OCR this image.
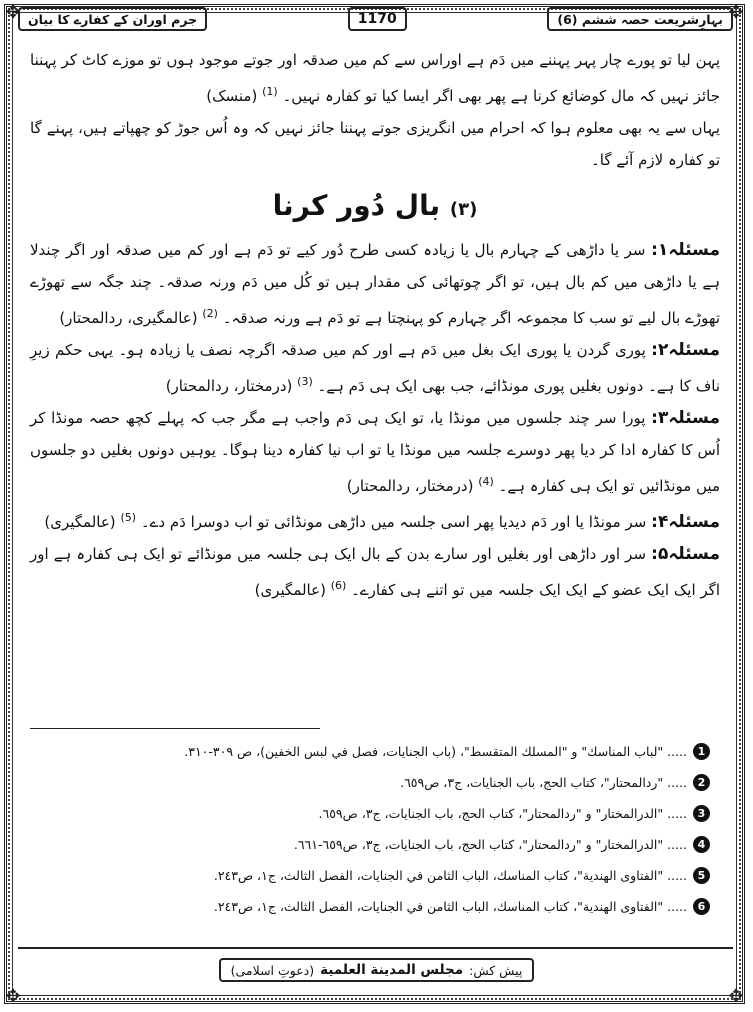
✥	✥
✥	✥
بہارِشریعت حصہ ششم (6)
1170
جرم اوران کے کفارے کا بیان

پہن لیا تو پورے چار پہر پہننے میں دَم ہے اوراس سے کم میں صدقہ اور جوتے موجود ہوں تو موزے کاٹ کر پہننا جائز نہیں کہ مال کوضائع کرنا ہے پھر بھی اگر ایسا کیا تو کفارہ نہیں۔ $^{(1)}$ (منسک)

یہاں سے یہ بھی معلوم ہوا کہ احرام میں انگریزی جوتے پہننا جائز نہیں کہ وہ اُس جوڑ کو چھپاتے ہیں، پہنے گا تو کفارہ لازم آئے گا۔

(۳) بال دُور کرنا

مسئلہ۱: سر یا داڑھی کے چہارم بال یا زیادہ کسی طرح دُور کیے تو دَم ہے اور کم میں صدقہ اور اگر چندلا ہے یا داڑھی میں کم بال ہیں، تو اگر چوتھائی کی مقدار ہیں تو کُل میں دَم ورنہ صدقہ۔ چند جگہ سے تھوڑے تھوڑے بال لیے تو سب کا مجموعہ اگر چہارم کو پہنچتا ہے تو دَم ہے ورنہ صدقہ۔ $^{(2)}$ (عالمگیری، ردالمحتار)

مسئلہ۲: پوری گردن یا پوری ایک بغل میں دَم ہے اور کم میں صدقہ اگرچہ نصف یا زیادہ ہو۔ یہی حکم زیرِ ناف کا ہے۔ دونوں بغلیں پوری مونڈائے، جب بھی ایک ہی دَم ہے۔ $^{(3)}$ (درمختار، ردالمحتار)

مسئلہ۳: پورا سر چند جلسوں میں مونڈا یا، تو ایک ہی دَم واجب ہے مگر جب کہ پہلے کچھ حصہ مونڈا کر اُس کا کفارہ ادا کر دیا پھر دوسرے جلسہ میں مونڈا یا تو اب نیا کفارہ دینا ہوگا۔ یوہیں دونوں بغلیں دو جلسوں میں مونڈائیں تو ایک ہی کفارہ ہے۔ $^{(4)}$ (درمختار، ردالمحتار)

مسئلہ۴: سر مونڈا یا اور دَم دیدیا پھر اسی جلسہ میں داڑھی مونڈائی تو اب دوسرا دَم دے۔ $^{(5)}$ (عالمگیری)

مسئلہ۵: سر اور داڑھی اور بغلیں اور سارے بدن کے بال ایک ہی جلسہ میں مونڈائے تو ایک ہی کفارہ ہے اور اگر ایک ایک عضو کے ایک ایک جلسہ میں تو اتنے ہی کفارے۔ $^{(6)}$ (عالمگیری)

..... "لباب المناسك" و "المسلك المتقسط"، (باب الجنايات، فصل في لبس الخفين)، ص ٣٠٩-٣١٠. 1
..... "ردالمحتار"، كتاب الحج، باب الجنايات، ج٣، ص٦٥٩. 2
..... "الدرالمختار" و "ردالمحتار"، كتاب الحج، باب الجنايات، ج٣، ص٦٥٩. 3
..... "الدرالمختار" و "ردالمحتار"، كتاب الحج، باب الجنايات، ج٣، ص٦٥٩-٦٦١. 4
..... "الفتاوى الهندية"، كتاب المناسك، الباب الثامن في الجنايات، الفصل الثالث، ج١، ص٢٤٣. 5
..... "الفتاوى الهندية"، كتاب المناسك، الباب الثامن في الجنايات، الفصل الثالث، ج١، ص٢٤٣. 6
پیش کش:
مجلس المدينة العلمية
(دعوتِ اسلامی)
